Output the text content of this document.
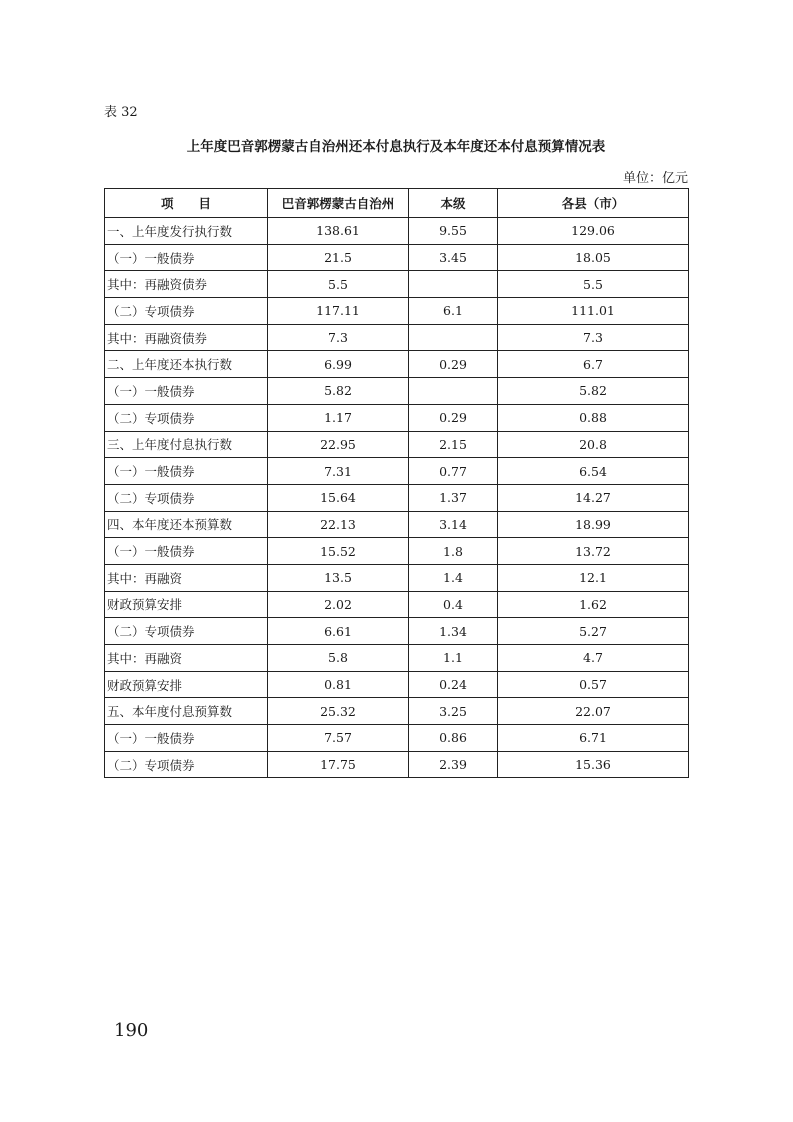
表 32
上年度巴音郭楞蒙古自治州还本付息执行及本年度还本付息预算情况表
单位：亿元
项　　目	巴音郭楞蒙古自治州	本级	各县（市）
一、上年度发行执行数	138.61	9.55	129.06
（一）一般债券	21.5	3.45	18.05
其中：再融资债券	5.5		5.5
（二）专项债券	117.11	6.1	111.01
其中：再融资债券	7.3		7.3
二、上年度还本执行数	6.99	0.29	6.7
（一）一般债券	5.82		5.82
（二）专项债券	1.17	0.29	0.88
三、上年度付息执行数	22.95	2.15	20.8
（一）一般债券	7.31	0.77	6.54
（二）专项债券	15.64	1.37	14.27
四、本年度还本预算数	22.13	3.14	18.99
（一）一般债券	15.52	1.8	13.72
其中：再融资	13.5	1.4	12.1
财政预算安排	2.02	0.4	1.62
（二）专项债券	6.61	1.34	5.27
其中：再融资	5.8	1.1	4.7
财政预算安排	0.81	0.24	0.57
五、本年度付息预算数	25.32	3.25	22.07
（一）一般债券	7.57	0.86	6.71
（二）专项债券	17.75	2.39	15.36
190
